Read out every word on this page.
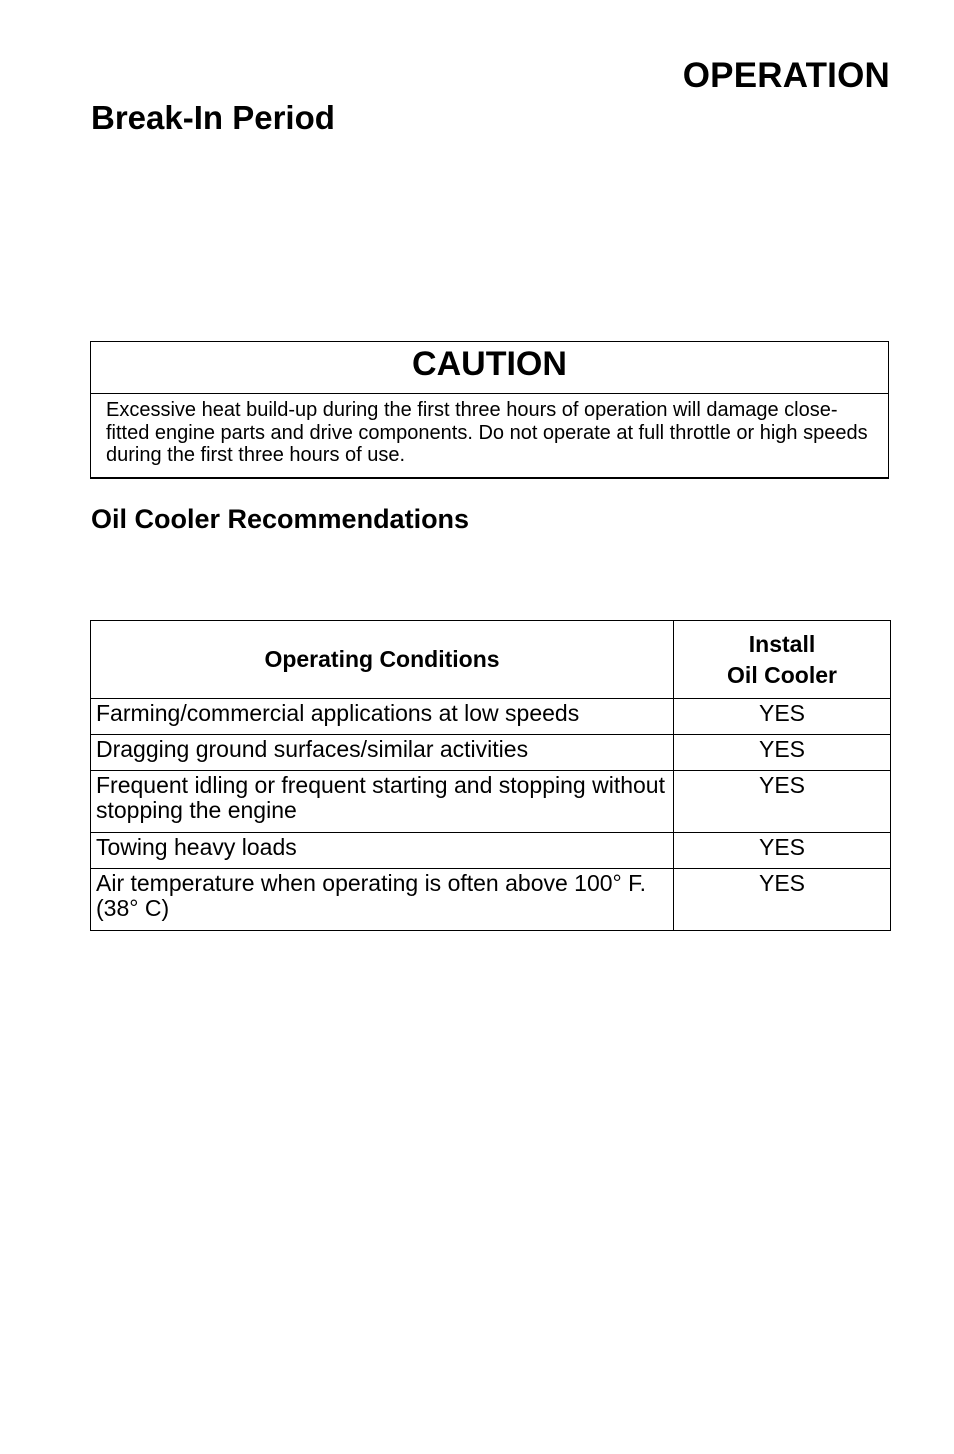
OPERATION
Break-In Period
CAUTION
Excessive heat build-up during the first three hours of operation will damage close-fitted engine parts and drive components. Do not operate at full throttle or high speeds during the first three hours of use.
Oil Cooler Recommendations
Operating Conditions	Install
Oil Cooler

Farming/commercial applications at low speeds	YES
Dragging ground surfaces/similar activities	YES
Frequent idling or frequent starting and stopping without stopping the engine	YES
Towing heavy loads	YES
Air temperature when operating is often above 100° F. (38° C)	YES
